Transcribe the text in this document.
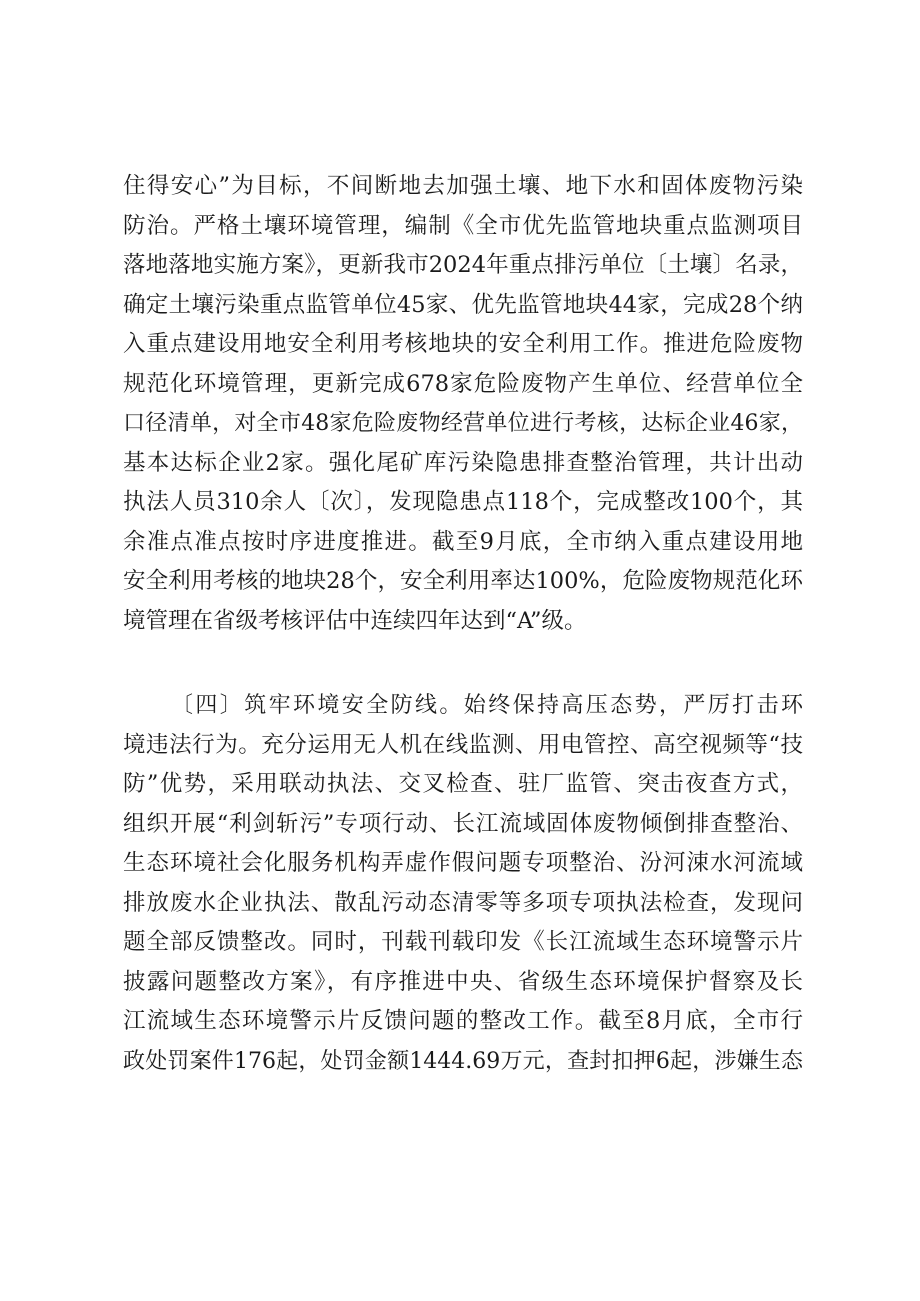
住得安心”为目标，不间断地去加强土壤、地下水和固体废物污染
防治。严格土壤环境管理，编制《全市优先监管地块重点监测项目
落地落地实施方案》，更新我市2024年重点排污单位〔土壤〕名录，
确定土壤污染重点监管单位45家、优先监管地块44家，完成28个纳
入重点建设用地安全利用考核地块的安全利用工作。推进危险废物
规范化环境管理，更新完成678家危险废物产生单位、经营单位全
口径清单，对全市48家危险废物经营单位进行考核，达标企业46家，
基本达标企业2家。强化尾矿库污染隐患排查整治管理，共计出动
执法人员310余人〔次〕，发现隐患点118个，完成整改100个，其
余准点准点按时序进度推进。截至9月底，全市纳入重点建设用地
安全利用考核的地块28个，安全利用率达100%，危险废物规范化环
境管理在省级考核评估中连续四年达到“A”级。
〔四〕筑牢环境安全防线。始终保持高压态势，严厉打击环
境违法行为。充分运用无人机在线监测、用电管控、高空视频等“技
防”优势，采用联动执法、交叉检查、驻厂监管、突击夜查方式，
组织开展“利剑斩污”专项行动、长江流域固体废物倾倒排查整治、
生态环境社会化服务机构弄虚作假问题专项整治、汾河涑水河流域
排放废水企业执法、散乱污动态清零等多项专项执法检查，发现问
题全部反馈整改。同时，刊载刊载印发《长江流域生态环境警示片
披露问题整改方案》，有序推进中央、省级生态环境保护督察及长
江流域生态环境警示片反馈问题的整改工作。截至8月底，全市行
政处罚案件176起，处罚金额1444.69万元，查封扣押6起，涉嫌生态
